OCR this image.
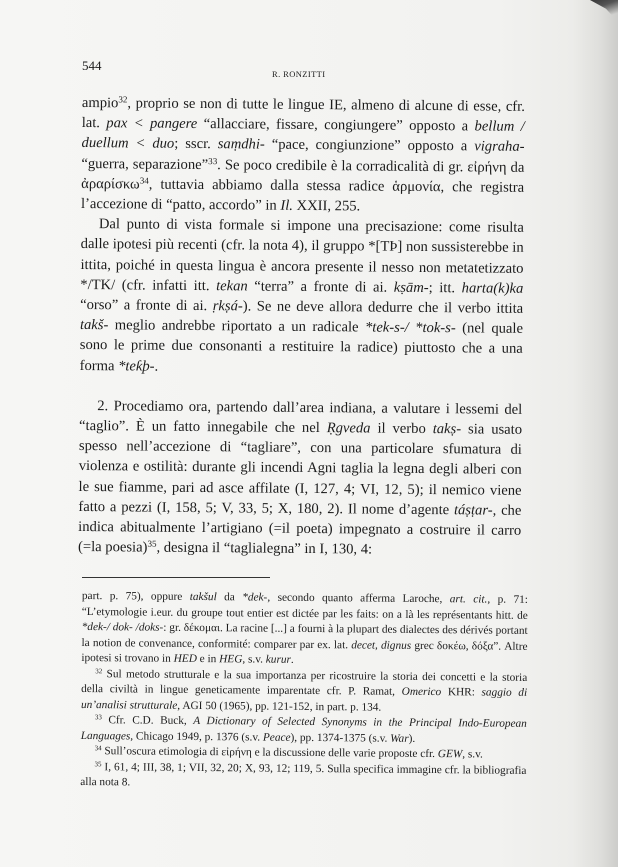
544
R. RONZITTI

ampio$^{32}$, proprio se non di tutte le lingue IE, almeno di alcune di esse, cfr. lat. pax < pangere “allacciare, fissare, congiungere” opposto a bellum / duellum < duo; sscr. saṃdhi- “pace, congiunzione” opposto a vigraha- “guerra, separazione”$^{33}$. Se poco credibile è la corradicalità di gr. εἰρήνη da ἀραρίσκω$^{34}$, tuttavia abbiamo dalla stessa radice ἁρμονία, che registra l’accezione di “patto, accordo” in Il. XXII, 255.

Dal punto di vista formale si impone una precisazione: come risulta dalle ipotesi più recenti (cfr. la nota 4), il gruppo *[TÞ] non sussisterebbe in ittita, poiché in questa lingua è ancora presente il nesso non metatetizzato */TK/ (cfr. infatti itt. tekan “terra” a fronte di ai. kṣām-; itt. harta(k)ka “orso” a fronte di ai. ṛkṣá-). Se ne deve allora dedurre che il verbo ittita takš- meglio andrebbe riportato a un radicale *tek-s-/ *tok-s- (nel quale sono le prime due consonanti a restituire la radice) piuttosto che a una forma *teƙþ-.

2. Procediamo ora, partendo dall’area indiana, a valutare i lessemi del “taglio”. È un fatto innegabile che nel Ṛgveda il verbo takṣ- sia usato spesso nell’accezione di “tagliare”, con una particolare sfumatura di violenza e ostilità: durante gli incendi Agni taglia la legna degli alberi con le sue fiamme, pari ad asce affilate (I, 127, 4; VI, 12, 5); il nemico viene fatto a pezzi (I, 158, 5; V, 33, 5; X, 180, 2). Il nome d’agente táṣṭar-, che indica abitualmente l’artigiano (=il poeta) impegnato a costruire il carro (=la poesia)$^{35}$, designa il “taglialegna” in I, 130, 4:

part. p. 75), oppure takšul da *dek-, secondo quanto afferma Laroche, art. cit., p. 71: “L’etymologie i.eur. du groupe tout entier est dictée par les faits: on a là les représentants hitt. de *dek-/ dok- /doks-: gr. δέκομαι. La racine [...] a fourni à la plupart des dialectes des dérivés portant la notion de convenance, conformité: comparer par ex. lat. decet, dignus grec δοκέω, δόξα”. Altre ipotesi si trovano in HED e in HEG, s.v. kurur.

$^{32}$ Sul metodo strutturale e la sua importanza per ricostruire la storia dei concetti e la storia della civiltà in lingue geneticamente imparentate cfr. P. Ramat, Omerico KHR: saggio di un’analisi strutturale, AGI 50 (1965), pp. 121-152, in part. p. 134.

$^{33}$ Cfr. C.D. Buck, A Dictionary of Selected Synonyms in the Principal Indo-European Languages, Chicago 1949, p. 1376 (s.v. Peace), pp. 1374-1375 (s.v. War).

$^{34}$ Sull’oscura etimologia di εἰρήνη e la discussione delle varie proposte cfr. GEW, s.v.

$^{35}$ I, 61, 4; III, 38, 1; VII, 32, 20; X, 93, 12; 119, 5. Sulla specifica immagine cfr. la bibliografia alla nota 8.
